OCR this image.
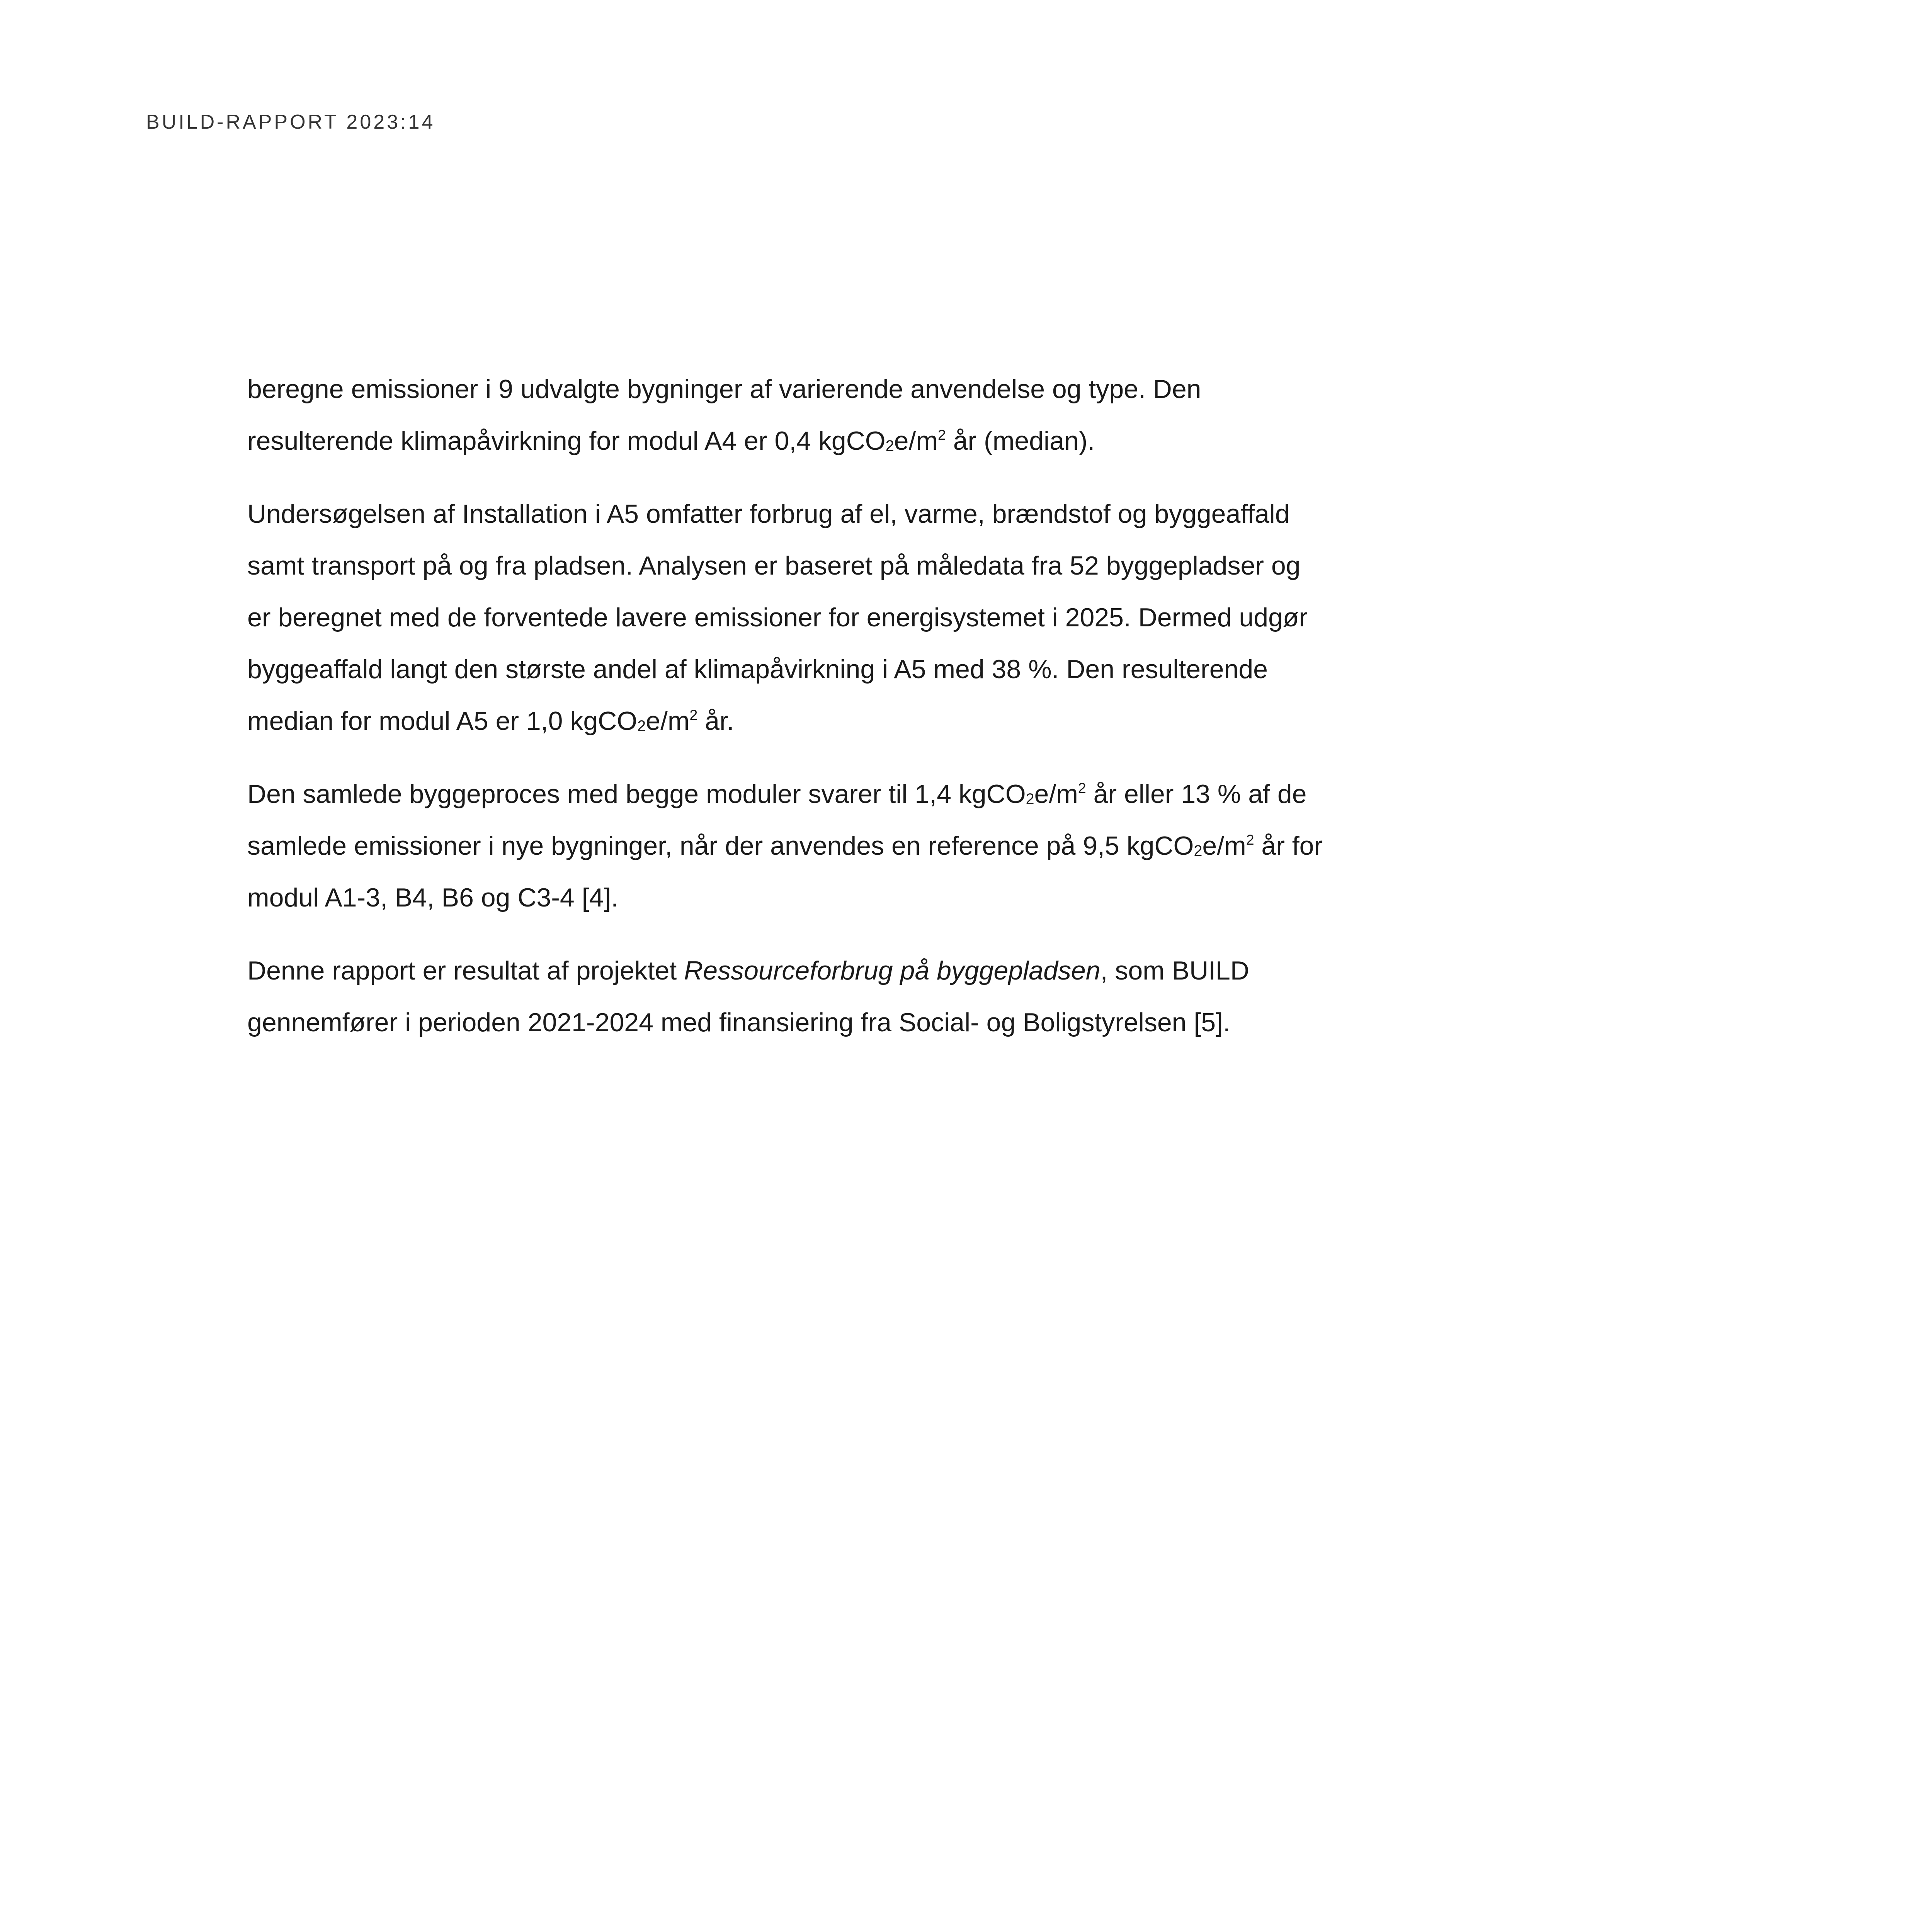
BUILD-RAPPORT 2023:14

beregne emissioner i 9 udvalgte bygninger af varierende anvendelse og type. Den resulterende klimapåvirkning for modul A4 er 0,4 $kgCO_2e/m^2$ år (median).

Undersøgelsen af Installation i A5 omfatter forbrug af el, varme, brændstof og byggeaffald samt transport på og fra pladsen. Analysen er baseret på måledata fra 52 byggepladser og er beregnet med de forventede lavere emissioner for energisystemet i 2025. Dermed udgør byggeaffald langt den største andel af klimapåvirkning i A5 med 38 %. Den resulterende median for modul A5 er 1,0 $kgCO_2e/m^2$ år.

Den samlede byggeproces med begge moduler svarer til 1,4 $kgCO_2e/m^2$ år eller 13 % af de samlede emissioner i nye bygninger, når der anvendes en reference på 9,5 $kgCO_2e/m^2$ år for modul A1-3, B4, B6 og C3-4 [4].

Denne rapport er resultat af projektet Ressourceforbrug på byggepladsen, som BUILD gennemfører i perioden 2021-2024 med finansiering fra Social- og Boligstyrelsen [5].
